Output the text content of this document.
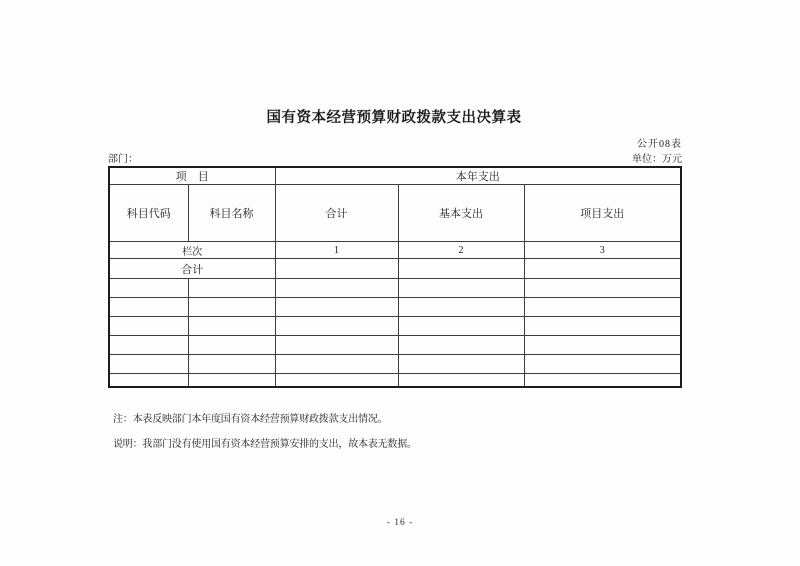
国有资本经营预算财政拨款支出决算表
公开08表
部门：	单位：万元
项　目		本年支出		
科目代码	科目名称	合计	基本支出	项目支出
栏次		1	2	3
合计				

注：本表反映部门本年度国有资本经营预算财政拨款支出情况。
说明：我部门没有使用国有资本经营预算安排的支出，故本表无数据。
- 16 -
